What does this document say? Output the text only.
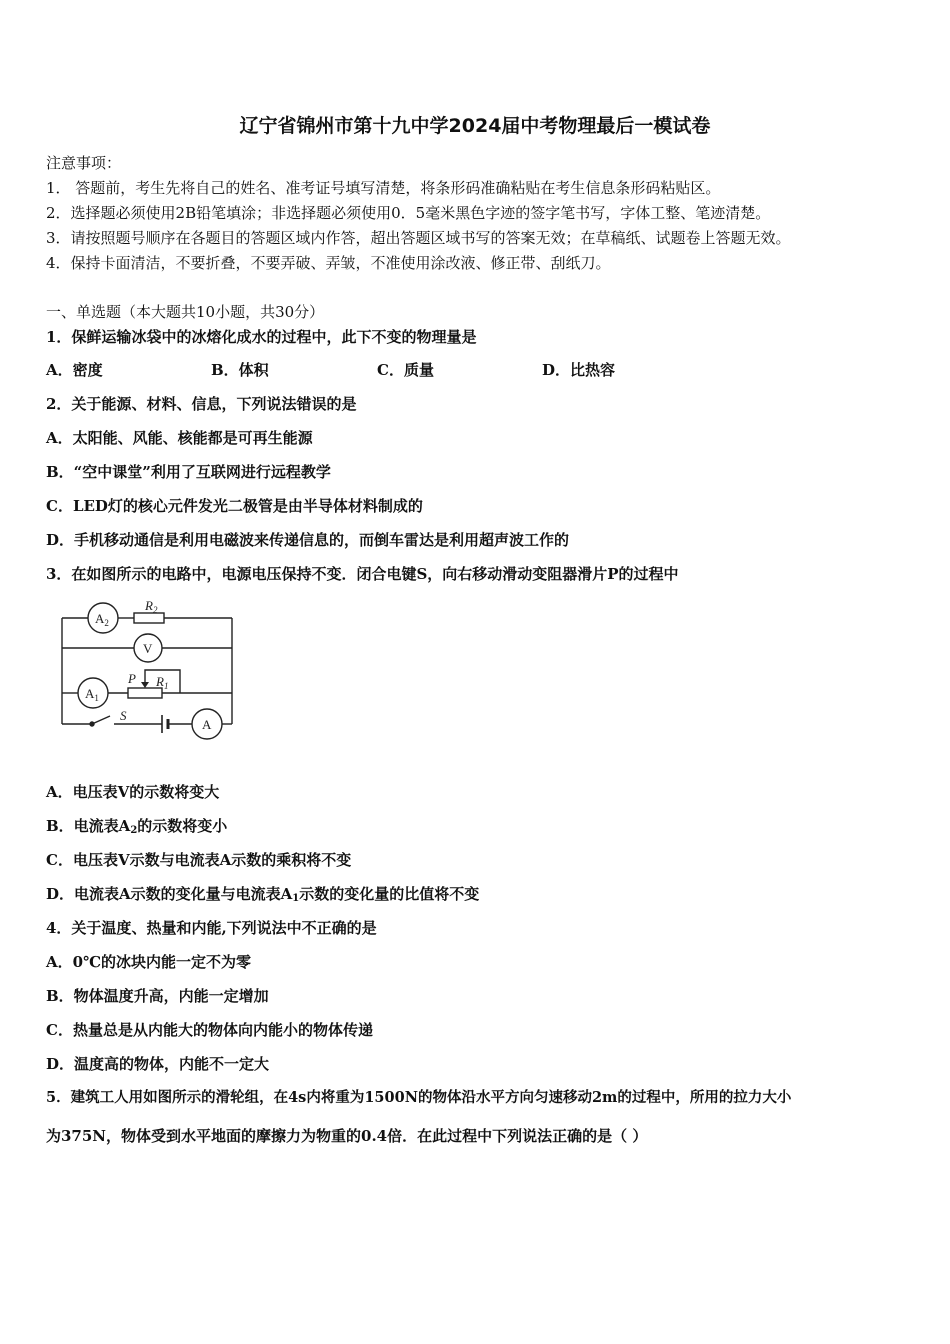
辽宁省锦州市第十九中学2024届中考物理最后一模试卷
注意事项：
1． 答题前，考生先将自己的姓名、准考证号填写清楚，将条形码准确粘贴在考生信息条形码粘贴区。
2．选择题必须使用2B铅笔填涂；非选择题必须使用0．5毫米黑色字迹的签字笔书写，字体工整、笔迹清楚。
3．请按照题号顺序在各题目的答题区域内作答，超出答题区域书写的答案无效；在草稿纸、试题卷上答题无效。
4．保持卡面清洁，不要折叠，不要弄破、弄皱，不准使用涂改液、修正带、刮纸刀。
一、单选题（本大题共10小题，共30分）
1．保鲜运输冰袋中的冰熔化成水的过程中，此下不变的物理量是
A．密度	B．体积	C．质量	D．比热容
2．关于能源、材料、信息，下列说法错误的是
A．太阳能、风能、核能都是可再生能源
B．“空中课堂”利用了互联网进行远程教学
C．LED灯的核心元件发光二极管是由半导体材料制成的
D．手机移动通信是利用电磁波来传递信息的，而倒车雷达是利用超声波工作的
3．在如图所示的电路中，电源电压保持不变．闭合电键S，向右移动滑动变阻器滑片P的过程中
$A_2$
$R_2$
V
$A_1$
P $R_1$
S
A
A．电压表V的示数将变大
B．电流表$A_2$的示数将变小
C．电压表V示数与电流表A示数的乘积将不变
D．电流表A示数的变化量与电流表$A_1$示数的变化量的比值将不变
4．关于温度、热量和内能,下列说法中不正确的是
A．0℃的冰块内能一定不为零
B．物体温度升高，内能一定增加
C．热量总是从内能大的物体向内能小的物体传递
D．温度高的物体，内能不一定大
5．建筑工人用如图所示的滑轮组，在4s内将重为1500N的物体沿水平方向匀速移动2m的过程中，所用的拉力大小
为375N，物体受到水平地面的摩擦力为物重的0.4倍．在此过程中下列说法正确的是（ ）
